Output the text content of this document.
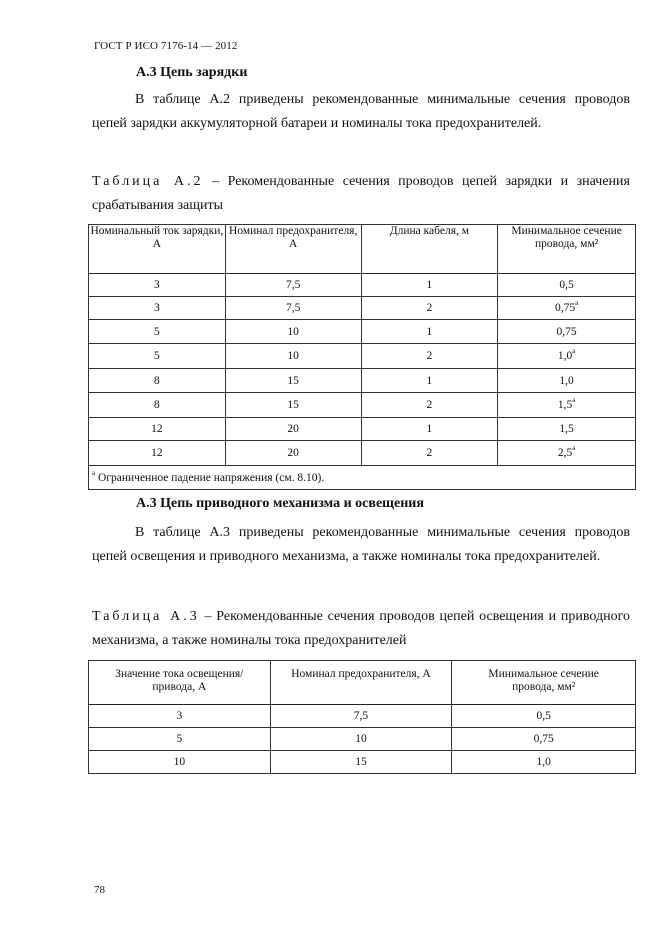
ГОСТ Р ИСО 7176-14 — 2012
А.3 Цепь зарядки
В таблице А.2 приведены рекомендованные минимальные сечения проводов цепей зарядки аккумуляторной батареи и номиналы тока предохранителей.
Таблица А.2 – Рекомендованные сечения проводов цепей зарядки и значения срабатывания защиты
Номинальный ток зарядки, А	Номинал предохранителя, А	Длина кабеля, м	Минимальное сечение провода, мм²
3	7,5	1	0,5
3	7,5	2	0,75$^a$
5	10	1	0,75
5	10	2	1,0$^a$
8	15	1	1,0
8	15	2	1,5$^a$
12	20	1	1,5
12	20	2	2,5$^a$
$^a$ Ограниченное падение напряжения (см. 8.10).			
А.3 Цепь приводного механизма и освещения
В таблице А.3 приведены рекомендованные минимальные сечения проводов цепей освещения и приводного механизма, а также номиналы тока предохранителей.
Таблица А.3 – Рекомендованные сечения проводов цепей освещения и приводного механизма, а также номиналы тока предохранителей
Значение тока освещения/привода, А	Номинал предохранителя, А	Минимальное сечение провода, мм²
3	7,5	0,5
5	10	0,75
10	15	1,0
78
